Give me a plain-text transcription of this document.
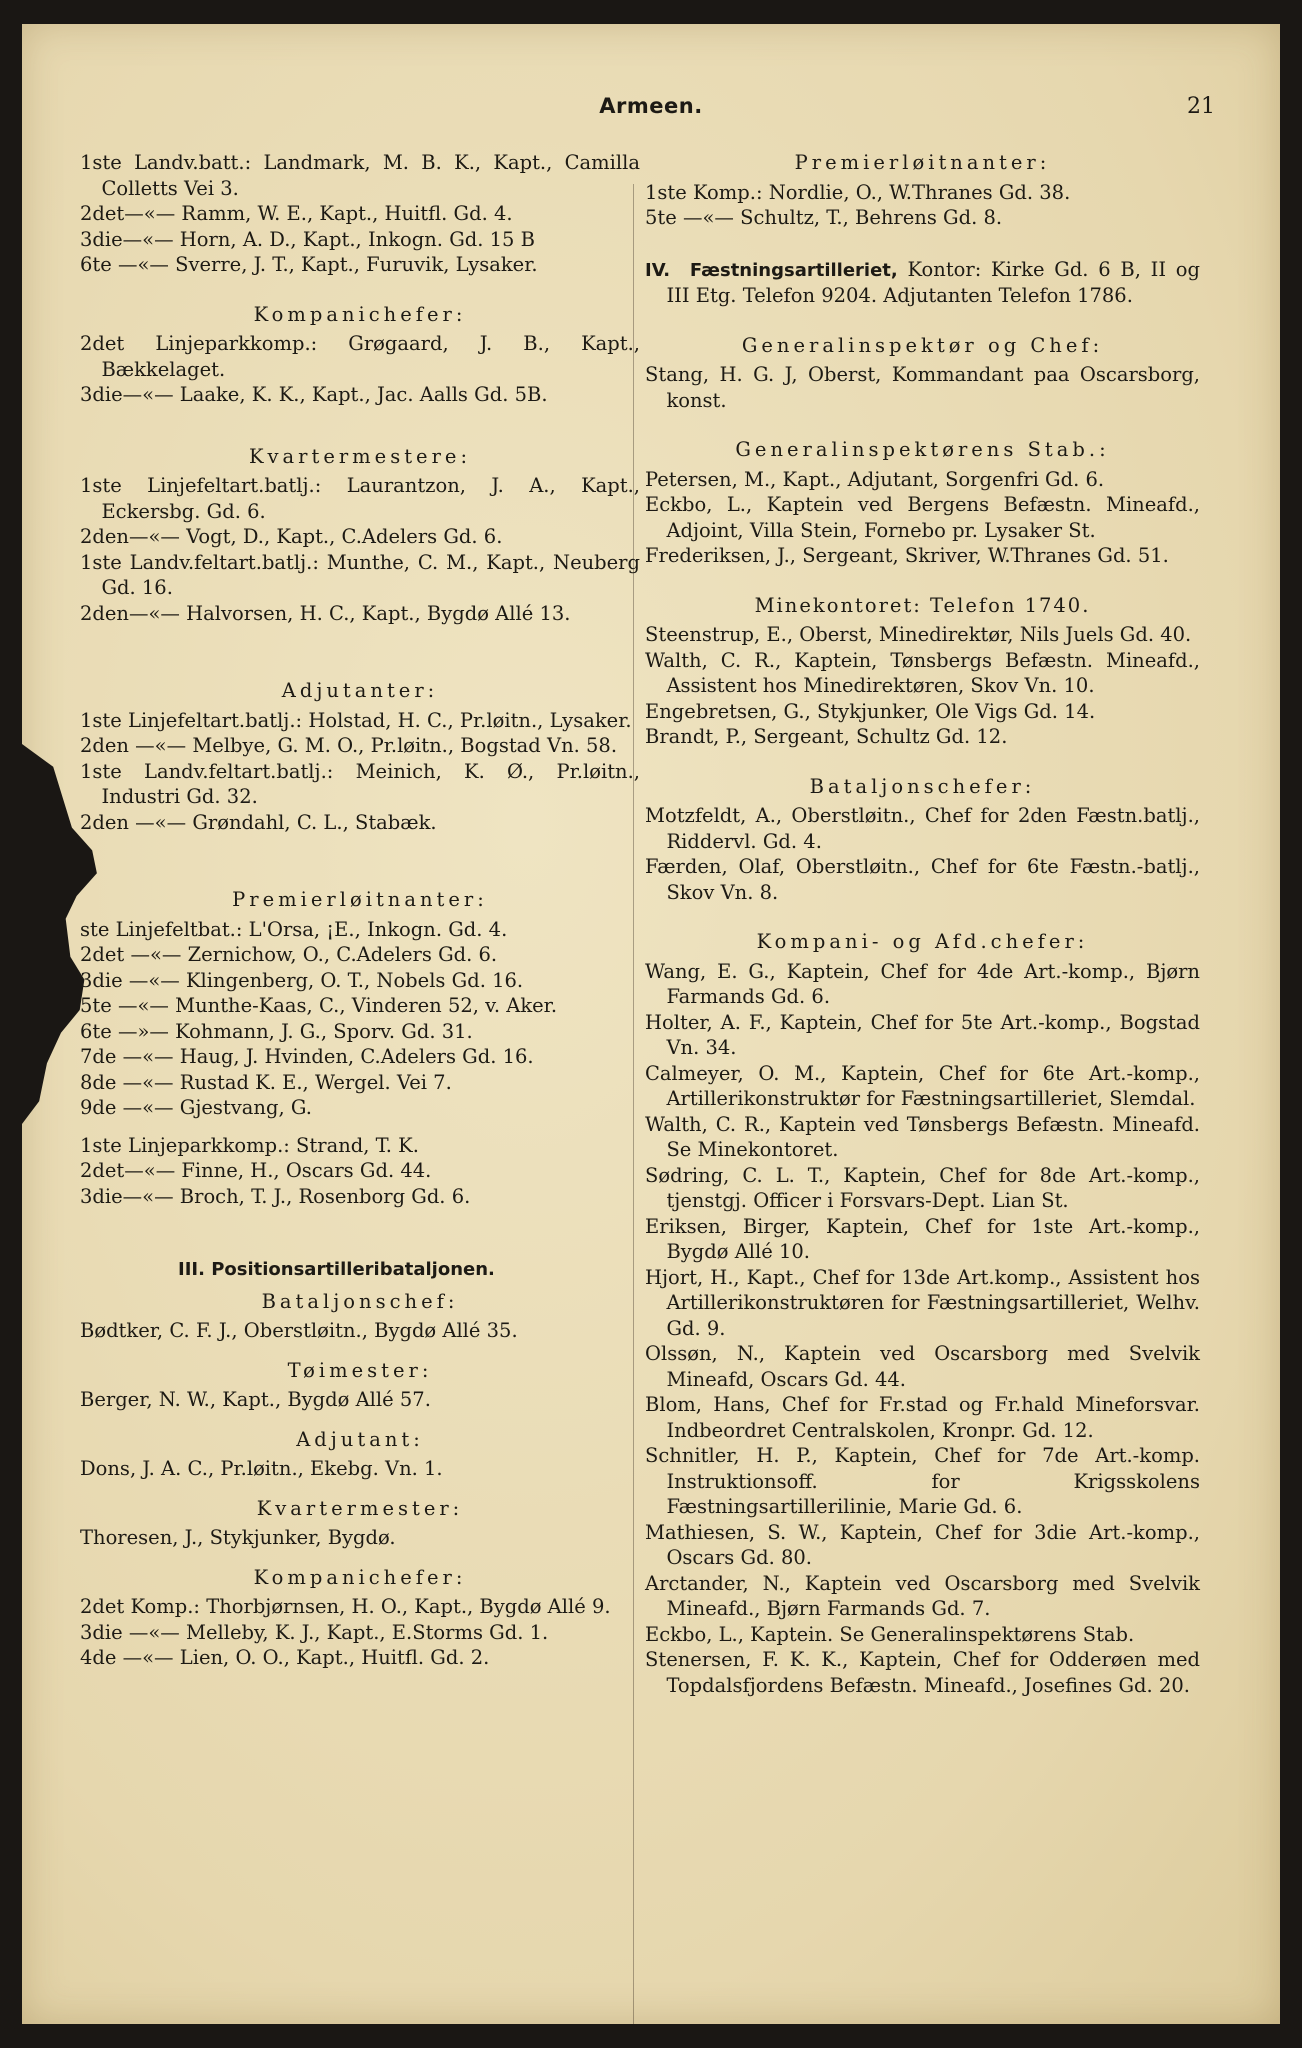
Armeen.	21
1ste Landv.batt.: Landmark, M. B. K., Kapt., Camilla Colletts Vei 3.
2det—«— Ramm, W. E., Kapt., Huitfl. Gd. 4.
3die—«— Horn, A. D., Kapt., Inkogn. Gd. 15 B
6te —«— Sverre, J. T., Kapt., Furuvik, Lysaker.
Kompanichefer:
2det Linjeparkkomp.: Grøgaard, J. B., Kapt., Bækkelaget.
3die—«— Laake, K. K., Kapt., Jac. Aalls Gd. 5B.
Kvartermestere:
1ste Linjefeltart.batlj.: Laurantzon, J. A., Kapt., Eckersbg. Gd. 6.
2den—«— Vogt, D., Kapt., C.Adelers Gd. 6.
1ste Landv.feltart.batlj.: Munthe, C. M., Kapt., Neuberg Gd. 16.
2den—«— Halvorsen, H. C., Kapt., Bygdø Allé 13.
Adjutanter:
1ste Linjefeltart.batlj.: Holstad, H. C., Pr.løitn., Lysaker.
2den —«— Melbye, G. M. O., Pr.løitn., Bogstad Vn. 58.
1ste Landv.feltart.batlj.: Meinich, K. Ø., Pr.løitn., Industri Gd. 32.
2den —«— Grøndahl, C. L., Stabæk.
Premierløitnanter:
ste Linjefeltbat.: L'Orsa, ¡E., Inkogn. Gd. 4.
2det —«— Zernichow, O., C.Adelers Gd. 6.
3die —«— Klingenberg, O. T., Nobels Gd. 16.
5te —«— Munthe-Kaas, C., Vinderen 52, v. Aker.
6te —»— Kohmann, J. G., Sporv. Gd. 31.
7de —«— Haug, J. Hvinden, C.Adelers Gd. 16.
8de —«— Rustad K. E., Wergel. Vei 7.
9de —«— Gjestvang, G.
1ste Linjeparkkomp.: Strand, T. K.
2det—«— Finne, H., Oscars Gd. 44.
3die—«— Broch, T. J., Rosenborg Gd. 6.
III. Positionsartilleribataljonen.
Bataljonschef:
Bødtker, C. F. J., Oberstløitn., Bygdø Allé 35.
Tøimester:
Berger, N. W., Kapt., Bygdø Allé 57.
Adjutant:
Dons, J. A. C., Pr.løitn., Ekebg. Vn. 1.
Kvartermester:
Thoresen, J., Stykjunker, Bygdø.
Kompanichefer:
2det Komp.: Thorbjørnsen, H. O., Kapt., Bygdø Allé 9.
3die —«— Melleby, K. J., Kapt., E.Storms Gd. 1.
4de —«— Lien, O. O., Kapt., Huitfl. Gd. 2.
Premierløitnanter:
1ste Komp.: Nordlie, O., W.Thranes Gd. 38.
5te —«— Schultz, T., Behrens Gd. 8.
IV. Fæstningsartilleriet, Kontor: Kirke Gd. 6 B, II og III Etg. Telefon 9204. Adjutanten Telefon 1786.
Generalinspektør og Chef:
Stang, H. G. J, Oberst, Kommandant paa Oscarsborg, konst.
Generalinspektørens Stab.:
Petersen, M., Kapt., Adjutant, Sorgenfri Gd. 6.
Eckbo, L., Kaptein ved Bergens Befæstn. Mineafd., Adjoint, Villa Stein, Fornebo pr. Lysaker St.
Frederiksen, J., Sergeant, Skriver, W.Thranes Gd. 51.
Minekontoret: Telefon 1740.
Steenstrup, E., Oberst, Minedirektør, Nils Juels Gd. 40.
Walth, C. R., Kaptein, Tønsbergs Befæstn. Mineafd., Assistent hos Minedirektøren, Skov Vn. 10.
Engebretsen, G., Stykjunker, Ole Vigs Gd. 14.
Brandt, P., Sergeant, Schultz Gd. 12.
Bataljonschefer:
Motzfeldt, A., Oberstløitn., Chef for 2den Fæstn.batlj., Riddervl. Gd. 4.
Færden, Olaf, Oberstløitn., Chef for 6te Fæstn.-batlj., Skov Vn. 8.
Kompani- og Afd.chefer:
Wang, E. G., Kaptein, Chef for 4de Art.-komp., Bjørn Farmands Gd. 6.
Holter, A. F., Kaptein, Chef for 5te Art.-komp., Bogstad Vn. 34.
Calmeyer, O. M., Kaptein, Chef for 6te Art.-komp., Artillerikonstruktør for Fæstningsartilleriet, Slemdal.
Walth, C. R., Kaptein ved Tønsbergs Befæstn. Mineafd. Se Minekontoret.
Sødring, C. L. T., Kaptein, Chef for 8de Art.-komp., tjenstgj. Officer i Forsvars-Dept. Lian St.
Eriksen, Birger, Kaptein, Chef for 1ste Art.-komp., Bygdø Allé 10.
Hjort, H., Kapt., Chef for 13de Art.komp., Assistent hos Artillerikonstruktøren for Fæstningsartilleriet, Welhv. Gd. 9.
Olssøn, N., Kaptein ved Oscarsborg med Svelvik Mineafd, Oscars Gd. 44.
Blom, Hans, Chef for Fr.stad og Fr.hald Mineforsvar. Indbeordret Centralskolen, Kronpr. Gd. 12.
Schnitler, H. P., Kaptein, Chef for 7de Art.-komp. Instruktionsoff. for Krigsskolens Fæstningsartillerilinie, Marie Gd. 6.
Mathiesen, S. W., Kaptein, Chef for 3die Art.-komp., Oscars Gd. 80.
Arctander, N., Kaptein ved Oscarsborg med Svelvik Mineafd., Bjørn Farmands Gd. 7.
Eckbo, L., Kaptein. Se Generalinspektørens Stab.
Stenersen, F. K. K., Kaptein, Chef for Odderøen med Topdalsfjordens Befæstn. Mineafd., Josefines Gd. 20.
